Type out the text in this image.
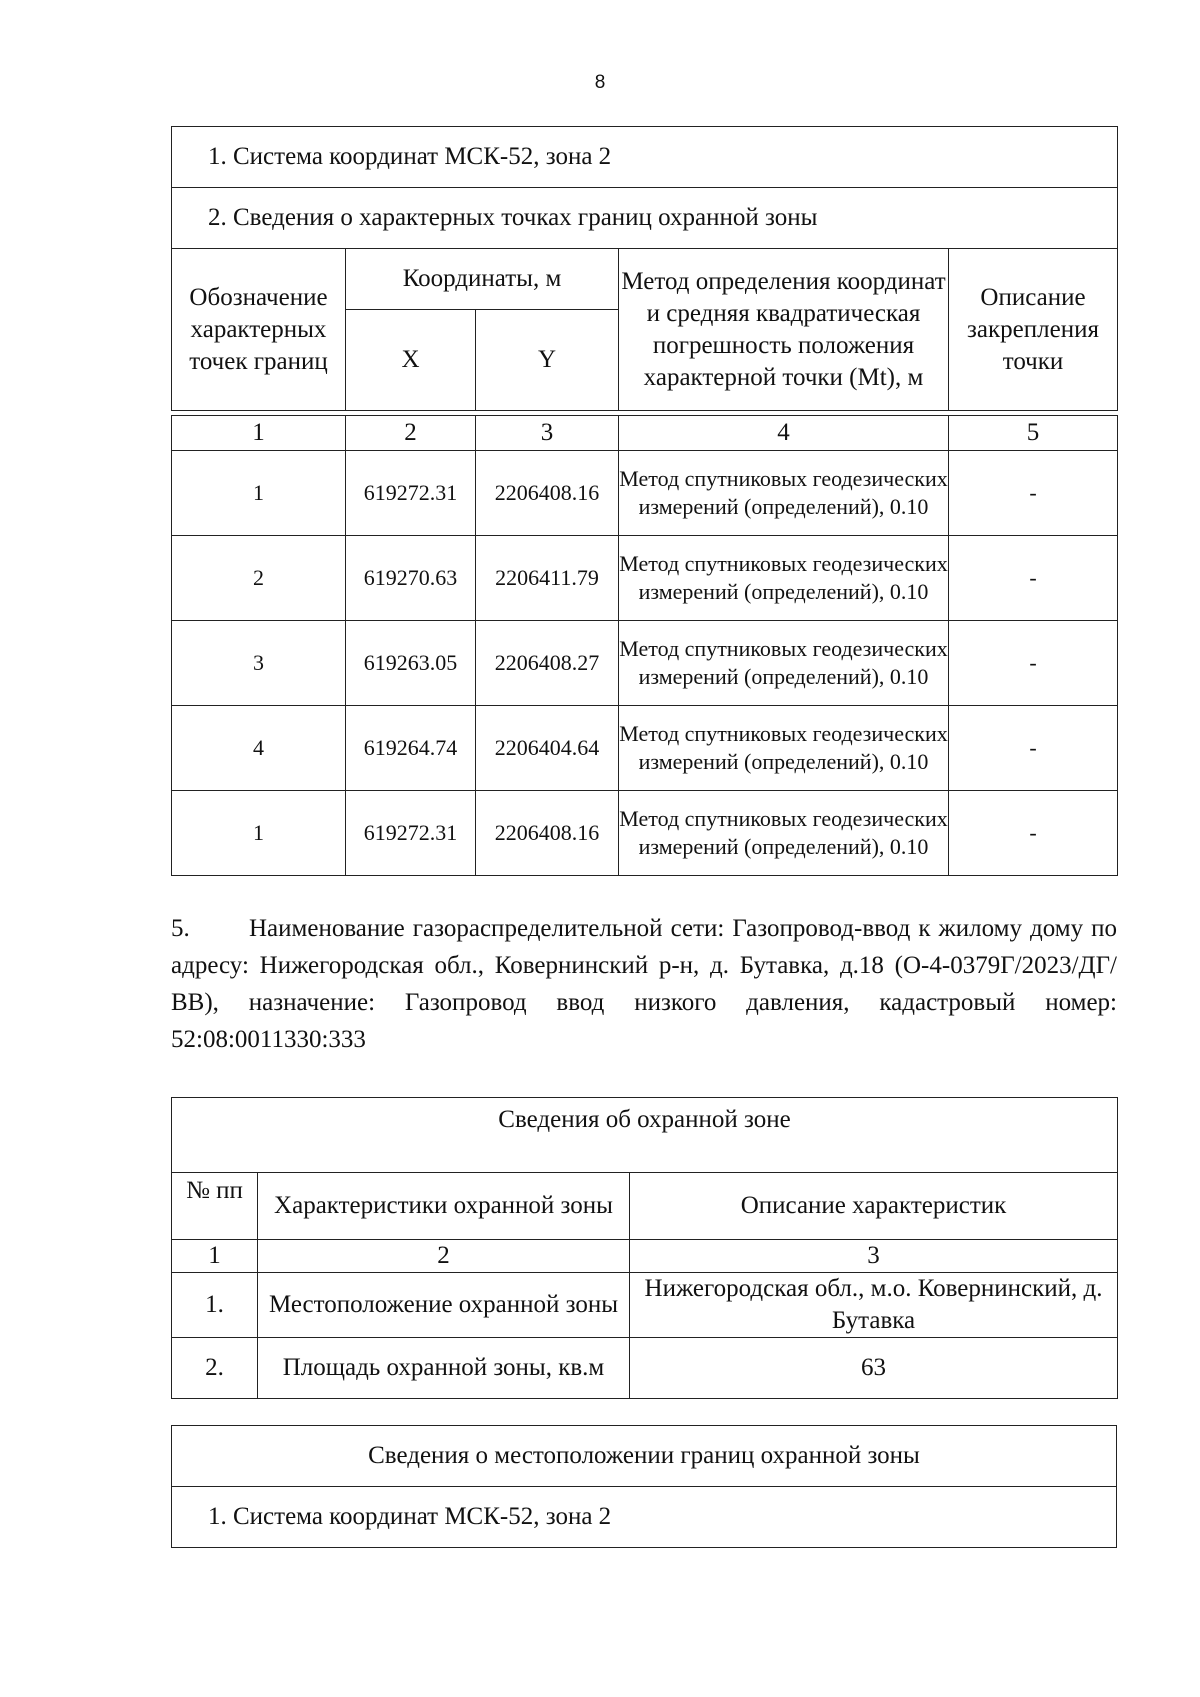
8
1. Система координат МСК-52, зона 2				
2. Сведения о характерных точках границ охранной зоны				
Обозначение характерных точек границ	Координаты, м		Метод определения координат и средняя квадратическая погрешность положения характерной точки (Mt), м	Описание закрепления точки
	X	Y		

1	2	3	4	5
1	619272.31	2206408.16	Метод спутниковых геодезических измерений (определений), 0.10	-
2	619270.63	2206411.79	Метод спутниковых геодезических измерений (определений), 0.10	-
3	619263.05	2206408.27	Метод спутниковых геодезических измерений (определений), 0.10	-
4	619264.74	2206404.64	Метод спутниковых геодезических измерений (определений), 0.10	-
1	619272.31	2206408.16	Метод спутниковых геодезических измерений (определений), 0.10	-
5. Наименование газораспределительной сети: Газопровод-ввод к жилому дому по адресу: Нижегородская обл., Ковернинский р-н, д. Бутавка, д.18 (О-4-0379Г/2023/ДГ/ВВ), назначение: Газопровод ввод низкого давления, кадастровый номер: 52:08:0011330:333
Сведения об охранной зоне		
№ пп	Характеристики охранной зоны	Описание характеристик
1	2	3
1.	Местоположение охранной зоны	Нижегородская обл., м.о. Ковернинский, д. Бутавка
2.	Площадь охранной зоны, кв.м	63
Сведения о местоположении границ охранной зоны
1. Система координат МСК-52, зона 2
